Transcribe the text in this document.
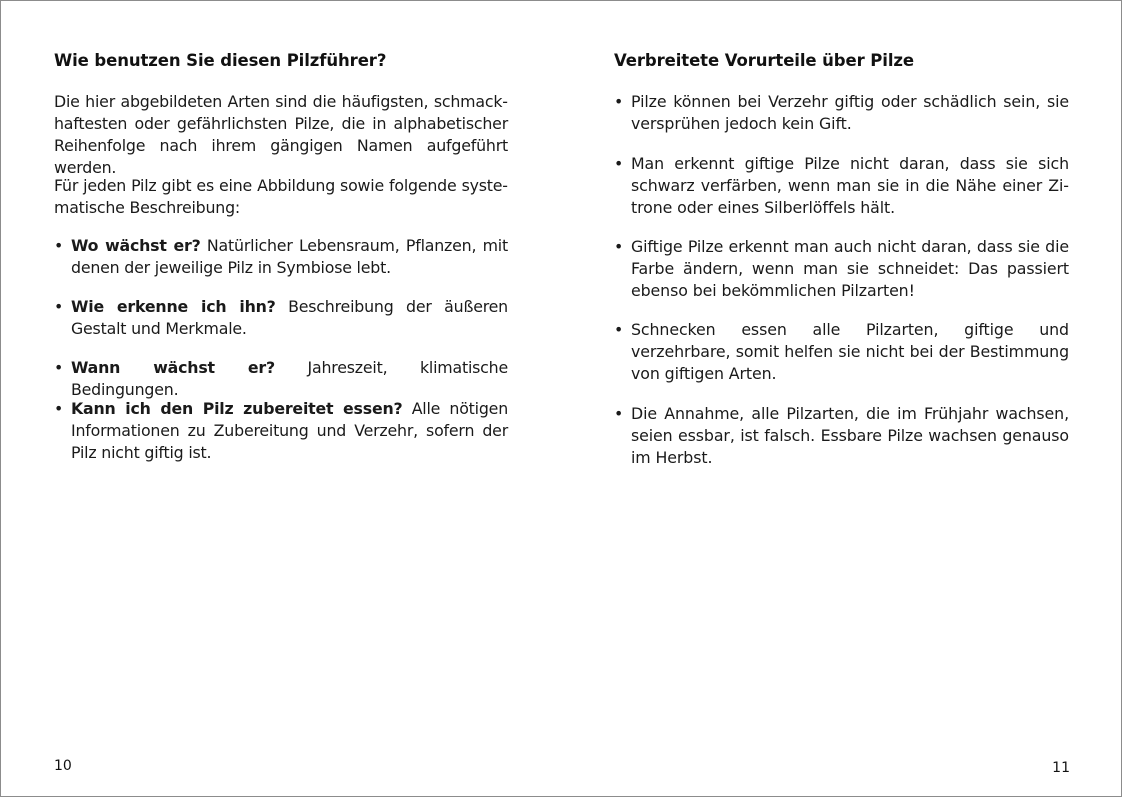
Wie benutzen Sie diesen Pilzführer?

Die hier abgebildeten Arten sind die häufigsten, schmackhaftesten oder gefährlichsten Pilze, die in alphabetischer Reihenfolge nach ihrem gängigen Namen aufgeführt werden.

Für jeden Pilz gibt es eine Abbildung sowie folgende systematische Beschreibung:

• Wo wächst er? Natürlicher Lebensraum, Pflanzen, mit denen der jeweilige Pilz in Symbiose lebt.
• Wie erkenne ich ihn? Beschreibung der äußeren Gestalt und Merkmale.
• Wann wächst er? Jahreszeit, klimatische Bedingungen.
• Kann ich den Pilz zubereitet essen? Alle nötigen Informationen zu Zubereitung und Verzehr, sofern der Pilz nicht giftig ist.

10

Verbreitete Vorurteile über Pilze
• Pilze können bei Verzehr giftig oder schädlich sein, sie versprühen jedoch kein Gift.
• Man erkennt giftige Pilze nicht daran, dass sie sich schwarz verfärben, wenn man sie in die Nähe einer Zitrone oder eines Silberlöffels hält.
• Giftige Pilze erkennt man auch nicht daran, dass sie die Farbe ändern, wenn man sie schneidet: Das passiert ebenso bei bekömmlichen Pilzarten!
• Schnecken essen alle Pilzarten, giftige und verzehrbare, somit helfen sie nicht bei der Bestimmung von giftigen Arten.
• Die Annahme, alle Pilzarten, die im Frühjahr wachsen, seien essbar, ist falsch. Essbare Pilze wachsen genauso im Herbst.

11
